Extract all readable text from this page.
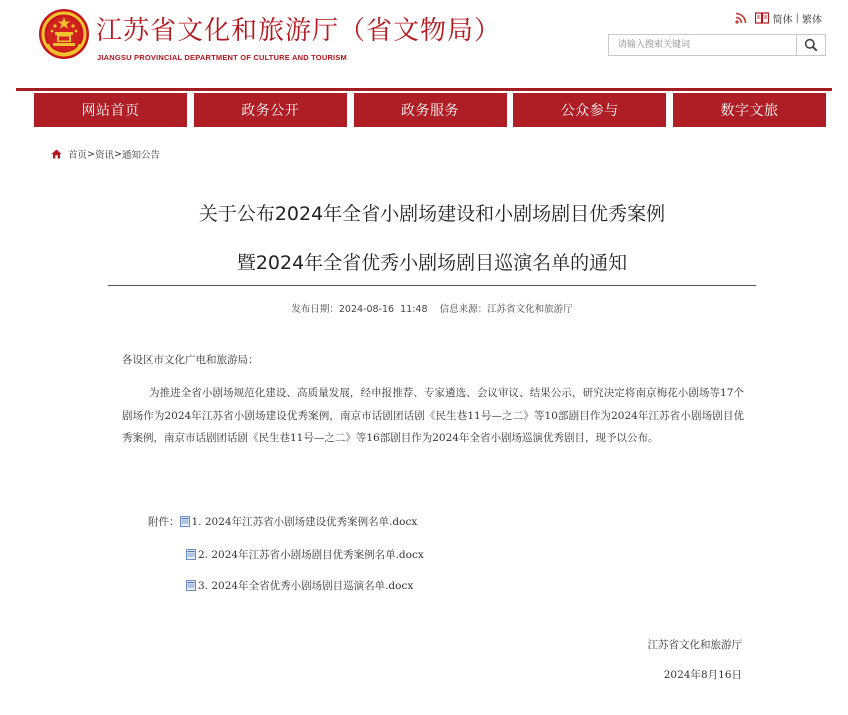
江苏省文化和旅游厅（省文物局）
JIANGSU PROVINCIAL DEPARTMENT OF CULTURE AND TOURISM
简体 | 繁体
请输入搜索关键词
网站首页	政务公开	政务服务	公众参与	数字文旅
首页 > 资讯 > 通知公告
关于公布2024年全省小剧场建设和小剧场剧目优秀案例
暨2024年全省优秀小剧场剧目巡演名单的通知
发布日期：2024-08-16  11:48    信息来源：江苏省文化和旅游厅
各设区市文化广电和旅游局：
为推进全省小剧场规范化建设、高质量发展，经申报推荐、专家遴选、会议审议、结果公示，研究决定将南京梅花小剧场等17个剧场作为2024年江苏省小剧场建设优秀案例，南京市话剧团话剧《民生巷11号—之二》等10部剧目作为2024年江苏省小剧场剧目优秀案例，南京市话剧团话剧《民生巷11号—之二》等16部剧目作为2024年全省小剧场巡演优秀剧目，现予以公布。
附件： 1. 2024年江苏省小剧场建设优秀案例名单.docx
2. 2024年江苏省小剧场剧目优秀案例名单.docx
3. 2024年全省优秀小剧场剧目巡演名单.docx
江苏省文化和旅游厅
2024年8月16日
